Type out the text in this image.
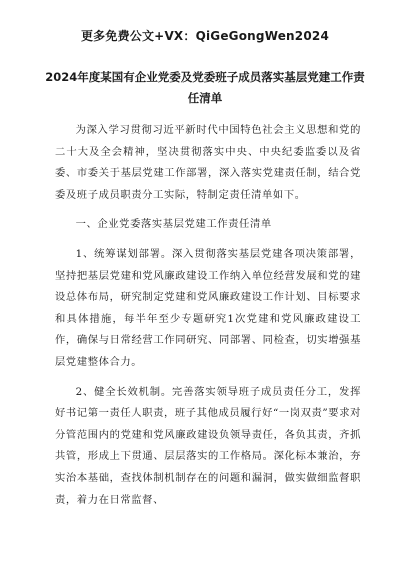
更多免费公文+VX：QiGeGongWen2024
2024年度某国有企业党委及党委班子成员落实基层党建工作责任清单

为深入学习贯彻习近平新时代中国特色社会主义思想和党的二十大及全会精神，坚决贯彻落实中央、中央纪委监委以及省委、市委关于基层党建工作部署，深入落实党建责任制，结合党委及班子成员职责分工实际，特制定责任清单如下。

一、企业党委落实基层党建工作责任清单

1、统筹谋划部署。深入贯彻落实基层党建各项决策部署，坚持把基层党建和党风廉政建设工作纳入单位经营发展和党的建设总体布局，研究制定党建和党风廉政建设工作计划、目标要求和具体措施，每半年至少专题研究1次党建和党风廉政建设工作，确保与日常经营工作同研究、同部署、同检查，切实增强基层党建整体合力。

2、健全长效机制。完善落实领导班子成员责任分工，发挥好书记第一责任人职责，班子其他成员履行好“一岗双责”要求对分管范围内的党建和党风廉政建设负领导责任，各负其责，齐抓共管，形成上下贯通、层层落实的工作格局。深化标本兼治，夯实治本基础，查找体制机制存在的问题和漏洞，做实做细监督职责，着力在日常监督、
